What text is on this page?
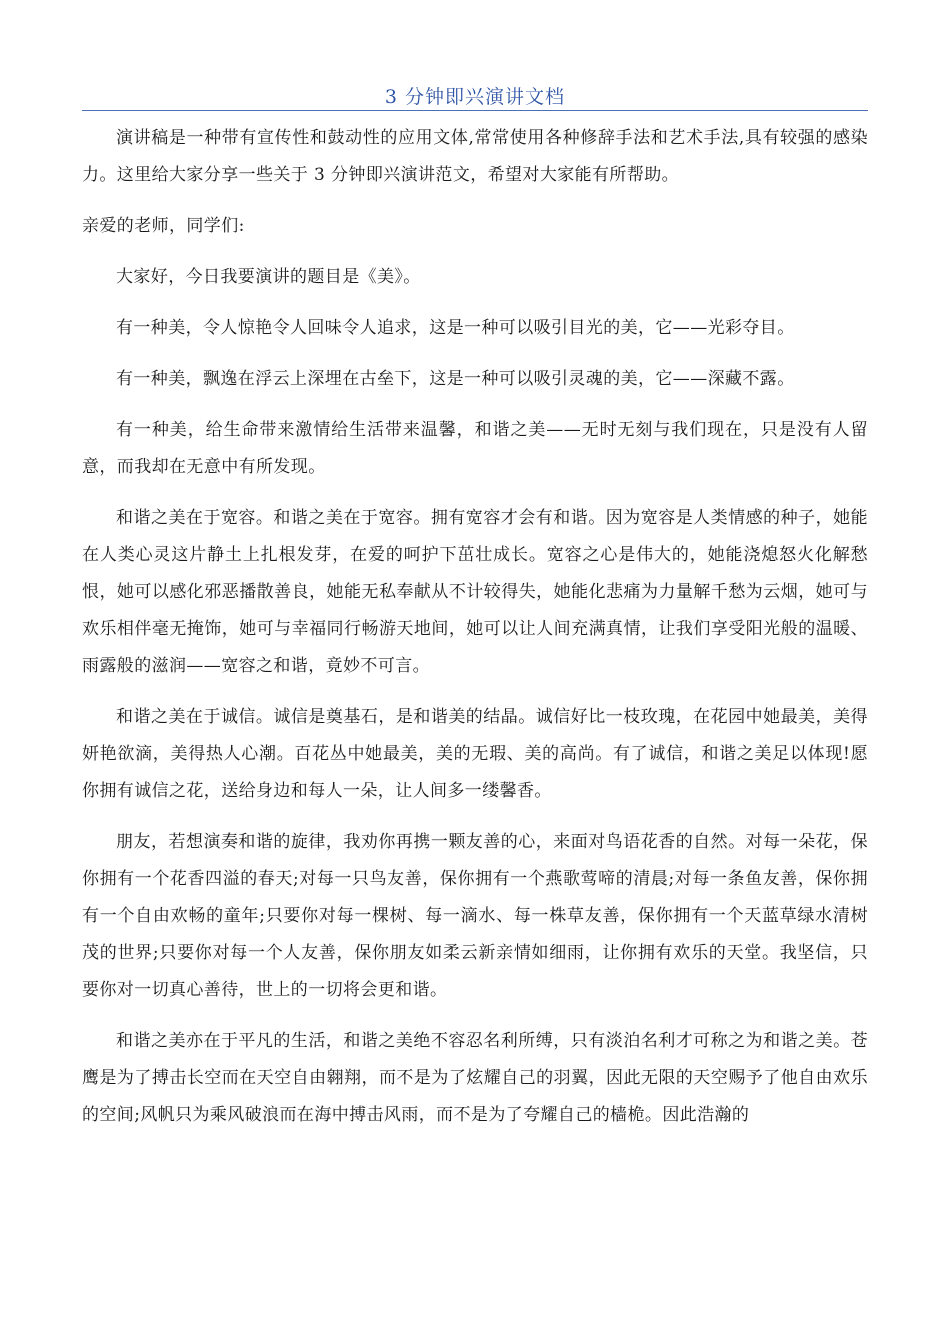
3 分钟即兴演讲文档

演讲稿是一种带有宣传性和鼓动性的应用文体,常常使用各种修辞手法和艺术手法,具有较强的感染力。这里给大家分享一些关于 3 分钟即兴演讲范文，希望对大家能有所帮助。

亲爱的老师，同学们:

大家好，今日我要演讲的题目是《美》。

有一种美，令人惊艳令人回味令人追求，这是一种可以吸引目光的美，它——光彩夺目。

有一种美，飘逸在浮云上深埋在古垒下，这是一种可以吸引灵魂的美，它——深藏不露。

有一种美，给生命带来激情给生活带来温馨，和谐之美——无时无刻与我们现在，只是没有人留意，而我却在无意中有所发现。

和谐之美在于宽容。和谐之美在于宽容。拥有宽容才会有和谐。因为宽容是人类情感的种子，她能在人类心灵这片静土上扎根发芽，在爱的呵护下茁壮成长。宽容之心是伟大的，她能浇熄怒火化解愁恨，她可以感化邪恶播散善良，她能无私奉献从不计较得失，她能化悲痛为力量解千愁为云烟，她可与欢乐相伴毫无掩饰，她可与幸福同行畅游天地间，她可以让人间充满真情，让我们享受阳光般的温暖、雨露般的滋润——宽容之和谐，竟妙不可言。

和谐之美在于诚信。诚信是奠基石，是和谐美的结晶。诚信好比一枝玫瑰，在花园中她最美，美得妍艳欲滴，美得热人心潮。百花丛中她最美，美的无瑕、美的高尚。有了诚信，和谐之美足以体现!愿你拥有诚信之花，送给身边和每人一朵，让人间多一缕馨香。

朋友，若想演奏和谐的旋律，我劝你再携一颗友善的心，来面对鸟语花香的自然。对每一朵花，保你拥有一个花香四溢的春天;对每一只鸟友善，保你拥有一个燕歌莺啼的清晨;对每一条鱼友善，保你拥有一个自由欢畅的童年;只要你对每一棵树、每一滴水、每一株草友善，保你拥有一个天蓝草绿水清树茂的世界;只要你对每一个人友善，保你朋友如柔云新亲情如细雨，让你拥有欢乐的天堂。我坚信，只要你对一切真心善待，世上的一切将会更和谐。

和谐之美亦在于平凡的生活，和谐之美绝不容忍名利所缚，只有淡泊名利才可称之为和谐之美。苍鹰是为了搏击长空而在天空自由翱翔，而不是为了炫耀自己的羽翼，因此无限的天空赐予了他自由欢乐的空间;风帆只为乘风破浪而在海中搏击风雨，而不是为了夸耀自己的樯桅。因此浩瀚的
